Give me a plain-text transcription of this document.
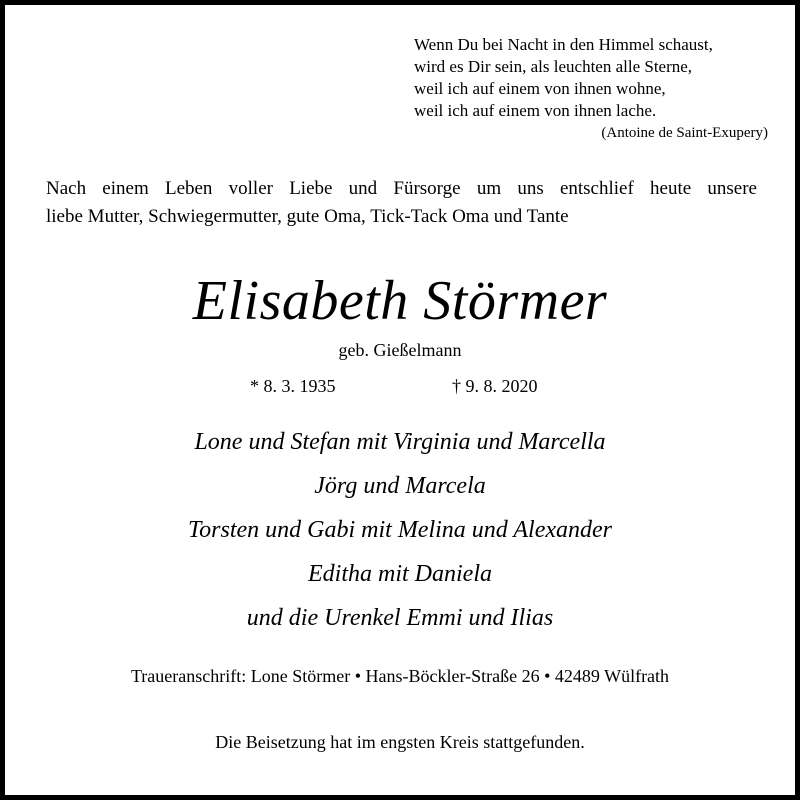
Wenn Du bei Nacht in den Himmel schaust,
wird es Dir sein, als leuchten alle Sterne,
weil ich auf einem von ihnen wohne,
weil ich auf einem von ihnen lache.
(Antoine de Saint-Exupery)
Nach einem Leben voller Liebe und Fürsorge um uns entschlief heute unsere
liebe Mutter, Schwiegermutter, gute Oma, Tick-Tack Oma und Tante
Elisabeth Störmer
geb. Gießelmann
* 8. 3. 1935	† 9. 8. 2020
Lone und Stefan mit Virginia und Marcella
Jörg und Marcela
Torsten und Gabi mit Melina und Alexander
Editha mit Daniela
und die Urenkel Emmi und Ilias
Traueranschrift: Lone Störmer • Hans-Böckler-Straße 26 • 42489 Wülfrath
Die Beisetzung hat im engsten Kreis stattgefunden.
